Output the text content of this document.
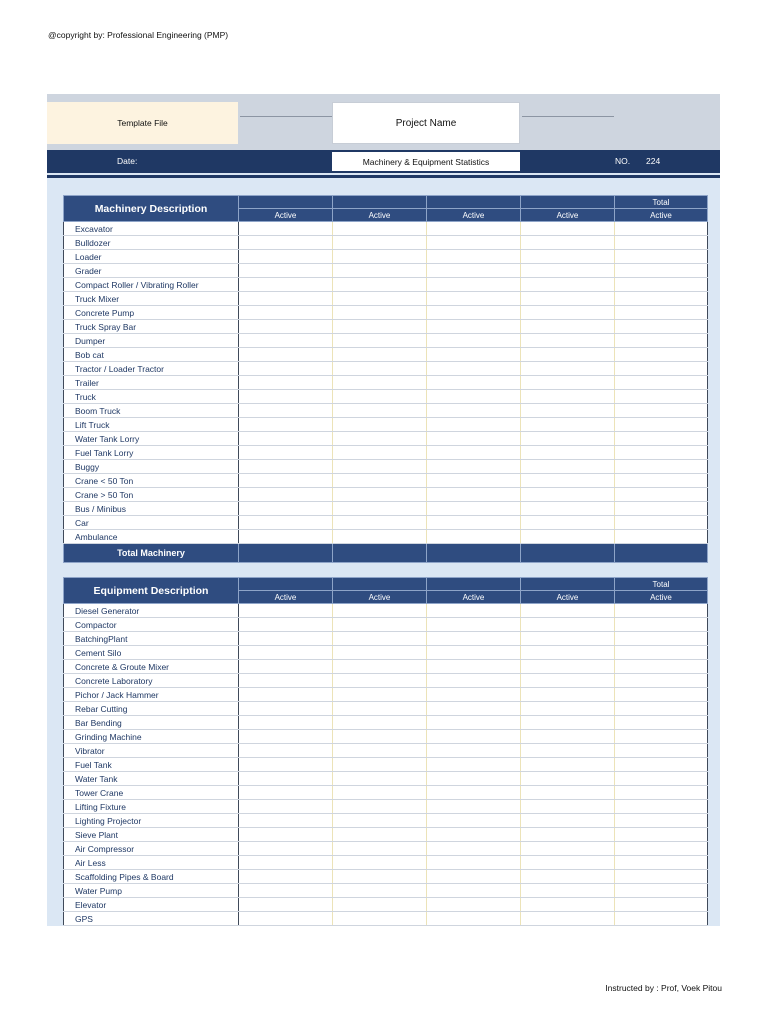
@copyright by: Professional Engineering (PMP)
Template File	Project Name
Date:	Machinery & Equipment Statistics	NO. 224
Machinery Description					Total
	Active	Active	Active	Active	Active
Excavator					
Bulldozer					
Loader					
Grader					
Compact Roller / Vibrating Roller					
Truck Mixer					
Concrete Pump					
Truck Spray Bar					
Dumper					
Bob cat					
Tractor / Loader Tractor					
Trailer					
Truck					
Boom Truck					
Lift Truck					
Water Tank Lorry					
Fuel Tank Lorry					
Buggy					
Crane < 50 Ton					
Crane > 50 Ton					
Bus / Minibus					
Car					
Ambulance					
Total Machinery					
Equipment Description					Total
	Active	Active	Active	Active	Active
Diesel Generator					
Compactor					
BatchingPlant					
Cement Silo					
Concrete & Groute Mixer					
Concrete Laboratory					
Pichor / Jack Hammer					
Rebar Cutting					
Bar Bending					
Grinding Machine					
Vibrator					
Fuel Tank					
Water Tank					
Tower Crane					
Lifting Fixture					
Lighting Projector					
Sieve Plant					
Air Compressor					
Air Less					
Scaffolding Pipes & Board					
Water Pump					
Elevator					
GPS					
Instructed by : Prof, Voek Pitou
